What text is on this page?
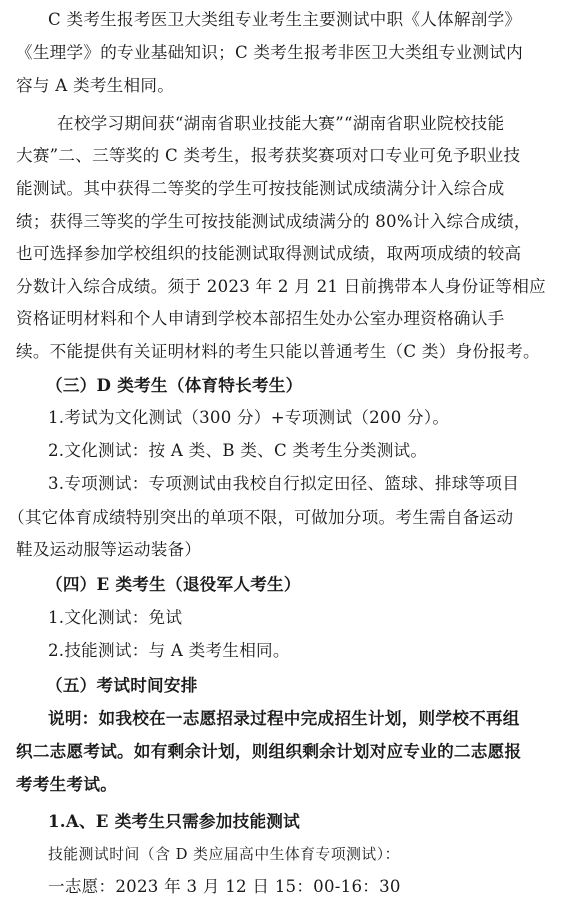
C 类考生报考医卫大类组专业考生主要测试中职《人体解剖学》
《生理学》的专业基础知识；C 类考生报考非医卫大类组专业测试内
容与 A 类考生相同。
在校学习期间获“湖南省职业技能大赛”“湖南省职业院校技能
大赛”二、三等奖的 C 类考生，报考获奖赛项对口专业可免予职业技
能测试。其中获得二等奖的学生可按技能测试成绩满分计入综合成
绩；获得三等奖的学生可按技能测试成绩满分的 80%计入综合成绩，
也可选择参加学校组织的技能测试取得测试成绩，取两项成绩的较高
分数计入综合成绩。须于 2023 年 2 月 21 日前携带本人身份证等相应
资格证明材料和个人申请到学校本部招生处办公室办理资格确认手
续。不能提供有关证明材料的考生只能以普通考生（C 类）身份报考。
（三）D 类考生（体育特长考生）
1.考试为文化测试（300 分）+专项测试（200 分）。
2.文化测试：按 A 类、B 类、C 类考生分类测试。
3.专项测试：专项测试由我校自行拟定田径、篮球、排球等项目
（其它体育成绩特别突出的单项不限，可做加分项。考生需自备运动
鞋及运动服等运动装备）
（四）E 类考生（退役军人考生）
1.文化测试：免试
2.技能测试：与 A 类考生相同。
（五）考试时间安排
说明：如我校在一志愿招录过程中完成招生计划，则学校不再组
织二志愿考试。如有剩余计划，则组织剩余计划对应专业的二志愿报
考考生考试。
1.A、E 类考生只需参加技能测试
技能测试时间（含 D 类应届高中生体育专项测试）：
一志愿：2023 年 3 月 12 日 15：00-16：30
